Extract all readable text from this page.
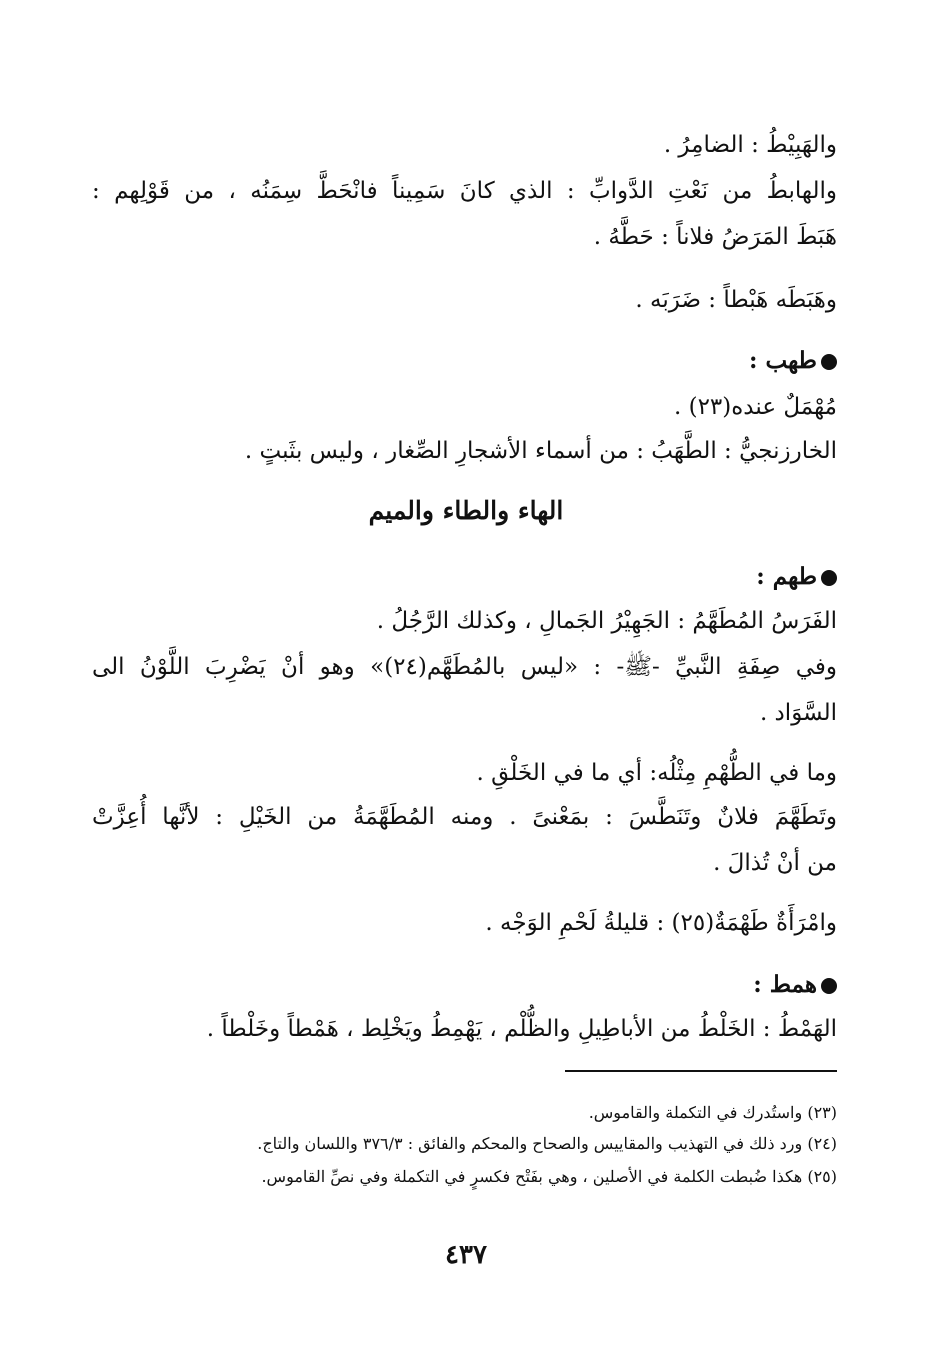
والهَبِيْطُ : الضامِرُ .
والهابطُ من نَعْتِ الدَّوابِّ : الذي كانَ سَمِيناً فانْحَطَّ سِمَنُه ، من قَوْلِهم :
هَبَطَ المَرَضُ فلاناً : حَطَّهُ .
وهَبَطَه هَبْطاً : ضَرَبَه .
طهب :
مُهْمَلٌ عنده(٢٣) .
الخارزنجيُّ : الطَّهَبُ : من أسماء الأشجارِ الصِّغار ، وليس بثَبتٍ .
الهاء والطاء والميم
طهم :
الفَرَسُ المُطَهَّمُ : الجَهِيْرُ الجَمالِ ، وكذلك الرَّجُلُ .
وفي صِفَةِ النَّبيِّ -ﷺ- : «ليس بالمُطَهَّم(٢٤)» وهو أنْ يَضْرِبَ اللَّوْنُ الى
السَّوَاد .
وما في الطُّهْمِ مِثْلُه: أي ما في الخَلْقِ .
وتَطَهَّمَ فلانٌ وتَنَطَّسَ : بمَعْنىً . ومنه المُطَهَّمَةُ من الخَيْلِ : لأنَّها أُعِزَّتْ
من أنْ تُذالَ .
وامْرَأَةٌ طَهْمَةٌ(٢٥) : قليلةُ لَحْمِ الوَجْه .
همط :
الهَمْطُ : الخَلْطُ من الأباطِيلِ والظُّلْم ، يَهْمِطُ ويَخْلِط ، هَمْطاً وخَلْطاً .
(٢٣) واستُدرك في التكملة والقاموس.
(٢٤) ورد ذلك في التهذيب والمقاييس والصحاح والمحكم والفائق : ٣٧٦/٣ واللسان والتاج.
(٢٥) هكذا ضُبطت الكلمة في الأصلين ، وهي بفَتْح فكسرٍ في التكملة وفي نصِّ القاموس.
٤٣٧
